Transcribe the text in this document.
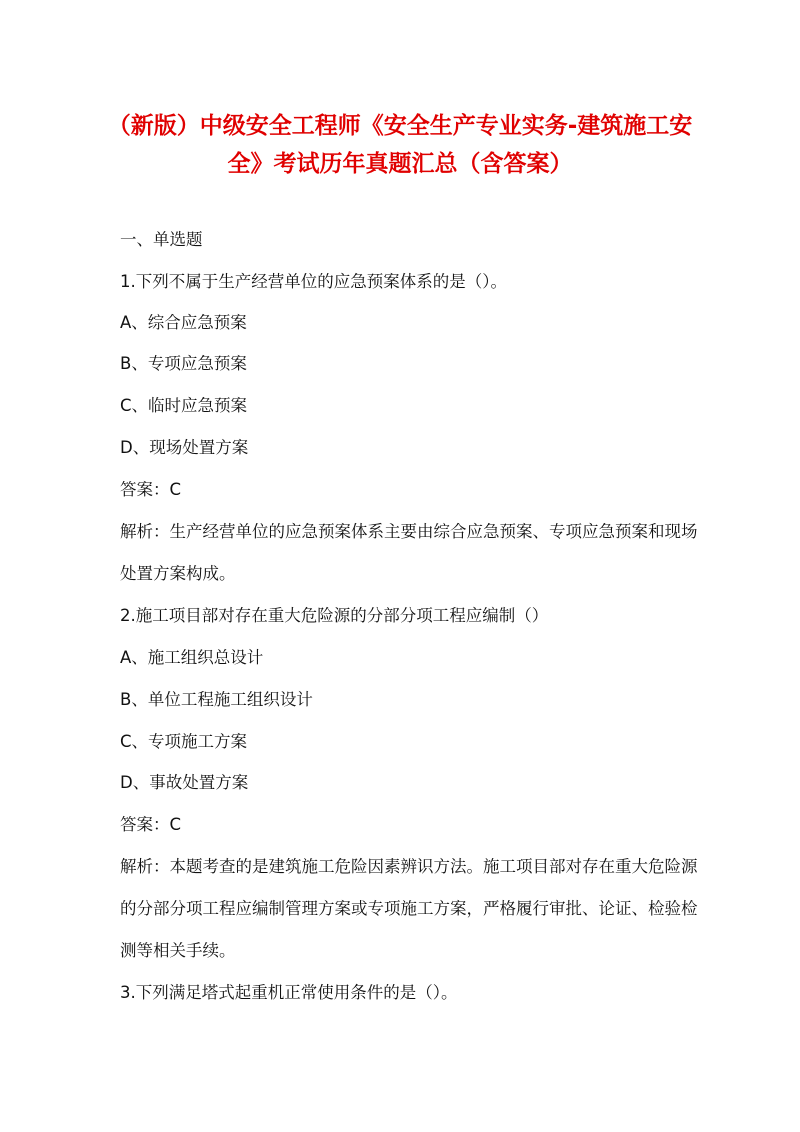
（新版）中级安全工程师《安全生产专业实务-建筑施工安
全》考试历年真题汇总（含答案）
一、单选题
1.下列不属于生产经营单位的应急预案体系的是（）。
A、综合应急预案
B、专项应急预案
C、临时应急预案
D、现场处置方案
答案：C
解析：生产经营单位的应急预案体系主要由综合应急预案、专项应急预案和现场
处置方案构成。
2.施工项目部对存在重大危险源的分部分项工程应编制（）
A、施工组织总设计
B、单位工程施工组织设计
C、专项施工方案
D、事故处置方案
答案：C
解析：本题考查的是建筑施工危险因素辨识方法。施工项目部对存在重大危险源
的分部分项工程应编制管理方案或专项施工方案，严格履行审批、论证、检验检
测等相关手续。
3.下列满足塔式起重机正常使用条件的是（）。
